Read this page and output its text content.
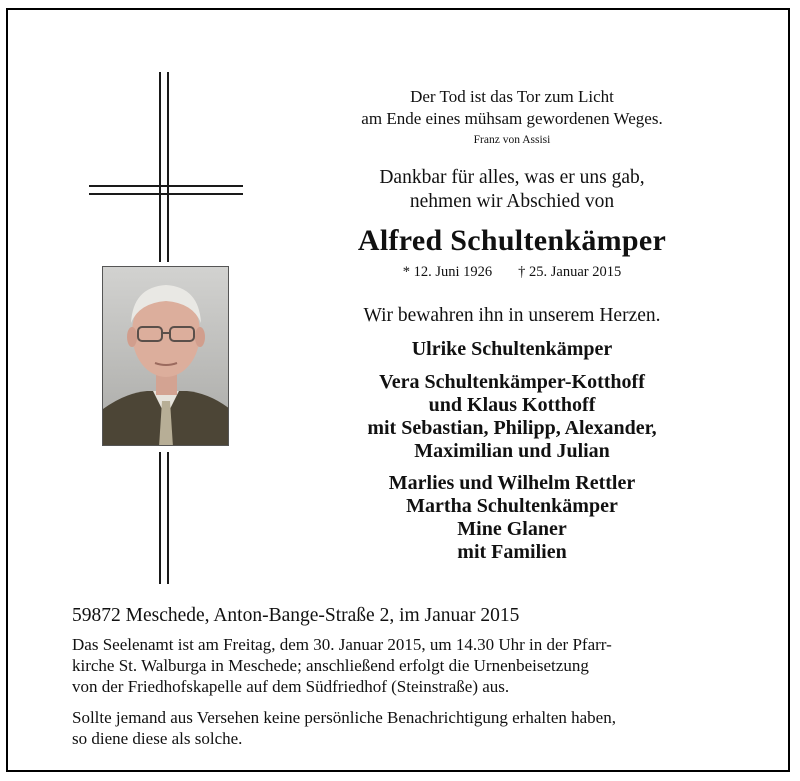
Der Tod ist das Tor zum Licht
am Ende eines mühsam gewordenen Weges.
Franz von Assisi
Dankbar für alles, was er uns gab,
nehmen wir Abschied von
Alfred Schultenkämper
* 12. Juni 1926 † 25. Januar 2015
Wir bewahren ihn in unserem Herzen.
Ulrike Schultenkämper
Vera Schultenkämper-Kotthoff
und Klaus Kotthoff
mit Sebastian, Philipp, Alexander,
Maximilian und Julian
Marlies und Wilhelm Rettler
Martha Schultenkämper
Mine Glaner
mit Familien
59872 Meschede, Anton-Bange-Straße 2, im Januar 2015
Das Seelenamt ist am Freitag, dem 30. Januar 2015, um 14.30 Uhr in der Pfarr-
kirche St. Walburga in Meschede; anschließend erfolgt die Urnenbeisetzung
von der Friedhofskapelle auf dem Südfriedhof (Steinstraße) aus.
Sollte jemand aus Versehen keine persönliche Benachrichtigung erhalten haben,
so diene diese als solche.
